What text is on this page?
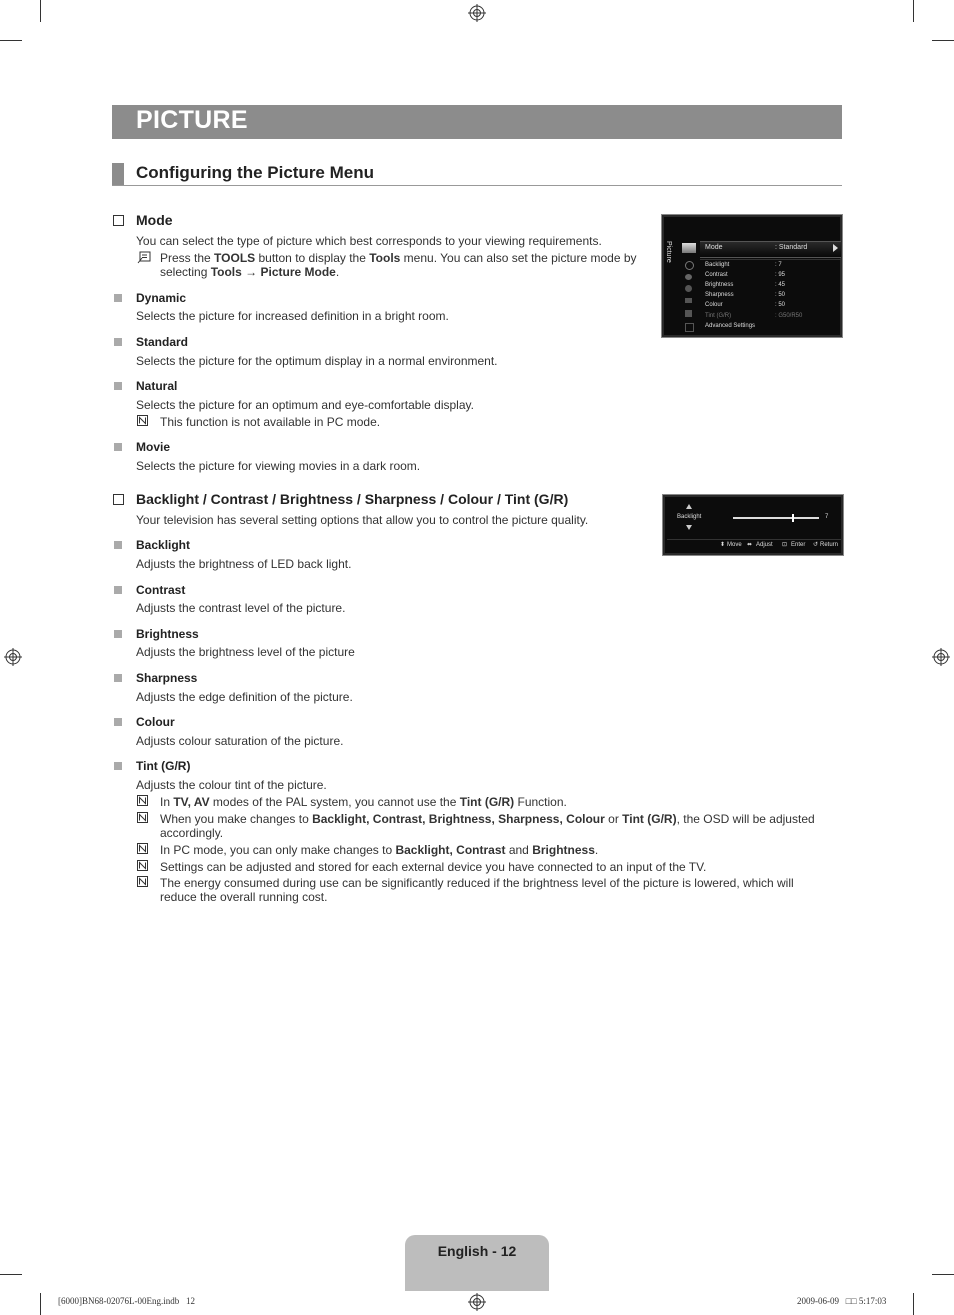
PICTURE
Configuring the Picture Menu
Mode
You can select the type of picture which best corresponds to your viewing requirements.
Press the TOOLS button to display the Tools menu. You can also set the picture mode by selecting Tools → Picture Mode.
Dynamic
Selects the picture for increased definition in a bright room.
Standard
Selects the picture for the optimum display in a normal environment.
Natural
Selects the picture for an optimum and eye-comfortable display.
This function is not available in PC mode.
Movie
Selects the picture for viewing movies in a dark room.
Picture	Mode	: Standard
Backlight	: 7
Contrast	: 95
Brightness	: 45
Sharpness	: 50
Colour	: 50
Tint (G/R)	: G50/R50
Advanced Settings
Backlight / Contrast / Brightness / Sharpness / Colour / Tint (G/R)
Your television has several setting options that allow you to control the picture quality.	Backlight	7
⬍ Move ⬌ Adjust ⊡ Enter ↺ Return
Backlight
Adjusts the brightness of LED back light.
Contrast
Adjusts the contrast level of the picture.
Brightness
Adjusts the brightness level of the picture
Sharpness
Adjusts the edge definition of the picture.
Colour
Adjusts colour saturation of the picture.
Tint (G/R)
Adjusts the colour tint of the picture.
In TV, AV modes of the PAL system, you cannot use the Tint (G/R) Function.
When you make changes to Backlight, Contrast, Brightness, Sharpness, Colour or Tint (G/R), the OSD will be adjusted accordingly.
In PC mode, you can only make changes to Backlight, Contrast and Brightness.
Settings can be adjusted and stored for each external device you have connected to an input of the TV.
The energy consumed during use can be significantly reduced if the brightness level of the picture is lowered, which will reduce the overall running cost.
English - 12
[6000]BN68-02076L-00Eng.indb   12	2009-06-09   □□ 5:17:03
